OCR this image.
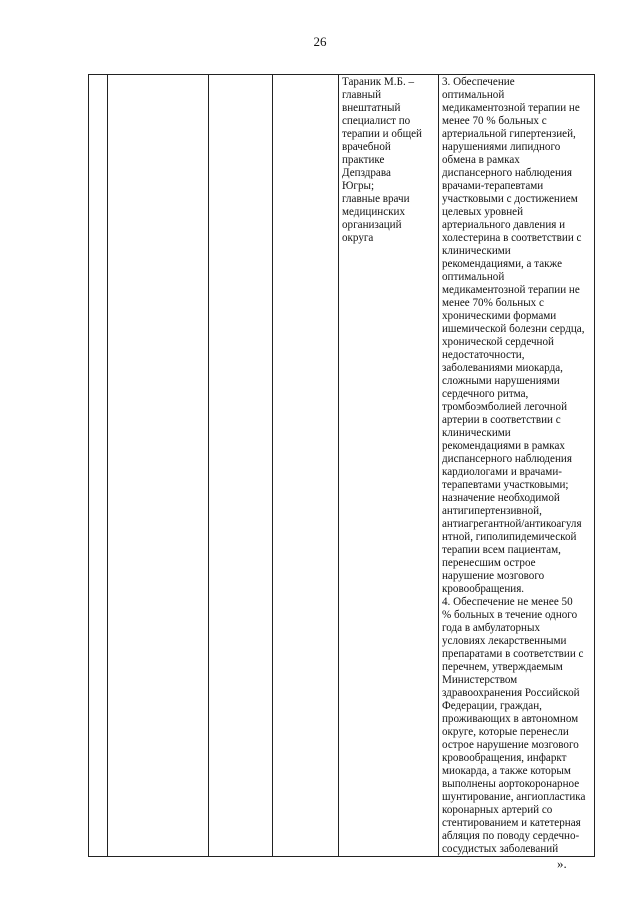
26

Тараник М.Б. –
главный
внештатный
специалист по
терапии и общей
врачебной
практике Депздрава
Югры;
главные врачи
медицинских
организаций округа

3. Обеспечение
оптимальной
медикаментозной терапии не
менее 70 % больных с
артериальной гипертензией,
нарушениями липидного
обмена в рамках
диспансерного наблюдения
врачами-терапевтами
участковыми с достижением
целевых уровней
артериального давления и
холестерина в соответствии с
клиническими
рекомендациями, а также
оптимальной
медикаментозной терапии не
менее 70% больных с
хроническими формами
ишемической болезни сердца,
хронической сердечной
недостаточности,
заболеваниями миокарда,
сложными нарушениями
сердечного ритма,
тромбоэмболией легочной
артерии в соответствии с
клиническими
рекомендациями в рамках
диспансерного наблюдения
кардиологами и врачами-
терапевтами участковыми;
назначение необходимой
антигипертензивной,
антиагрегантной/антикоагуля
нтной, гиполипидемической
терапии всем пациентам,
перенесшим острое
нарушение мозгового
кровообращения.
4. Обеспечение не менее 50
% больных в течение одного
года в амбулаторных
условиях лекарственными
препаратами в соответствии с
перечнем, утверждаемым
Министерством
здравоохранения Российской
Федерации, граждан,
проживающих в автономном
округе, которые перенесли
острое нарушение мозгового
кровообращения, инфаркт
миокарда, а также которым
выполнены аортокоронарное
шунтирование, ангиопластика
коронарных артерий со
стентированием и катетерная
абляция по поводу сердечно-
сосудистых заболеваний
».
